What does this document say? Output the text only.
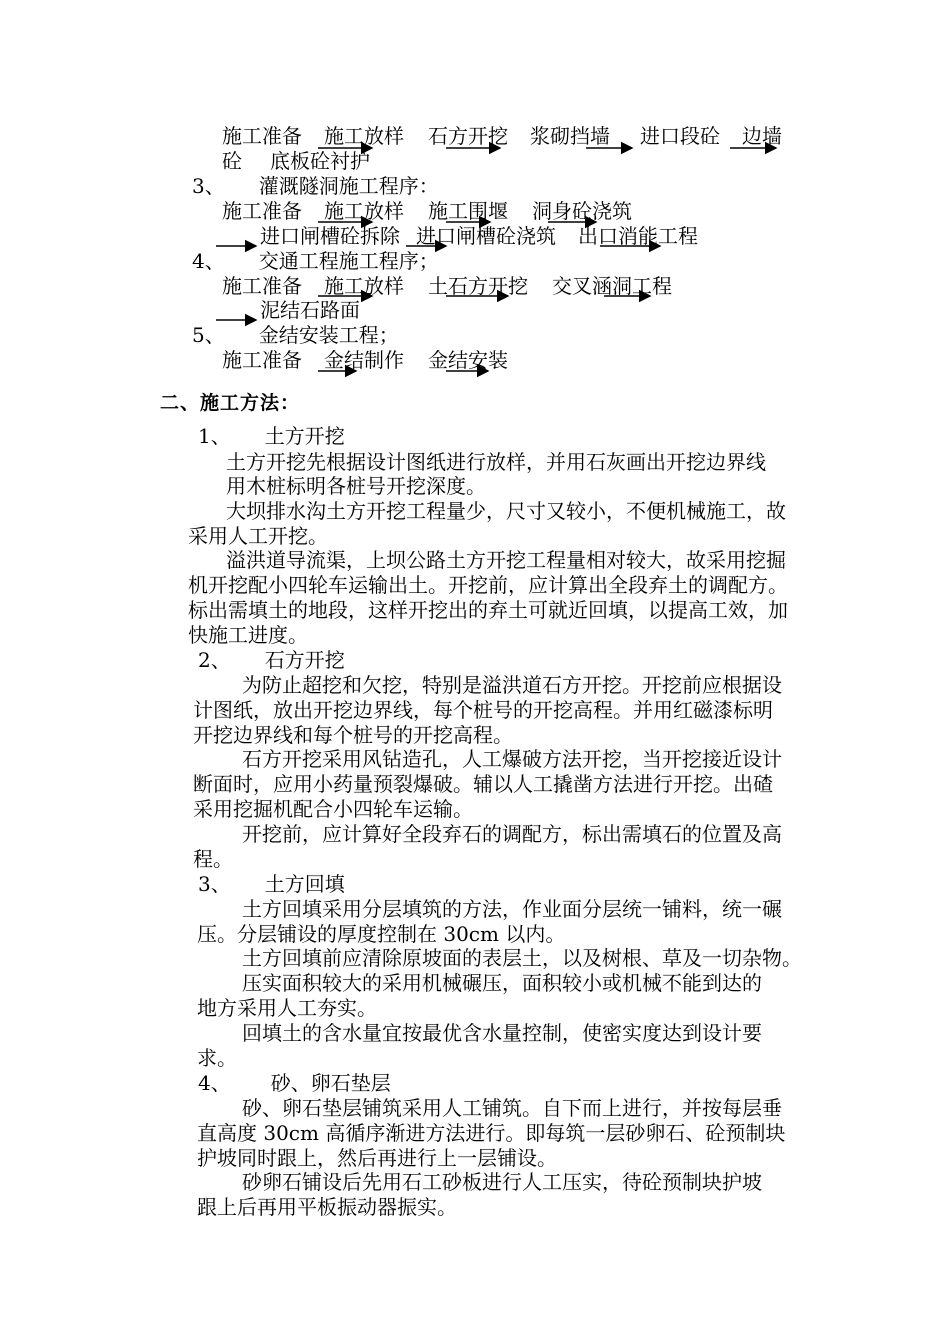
施工准备 施工放样 石方开挖 浆砌挡墙 进口段砼 边墙
砼 底板砼衬护
3、 灌溉隧洞施工程序：
施工准备 施工放样 施工围堰 洞身砼浇筑
进口闸槽砼拆除 进口闸槽砼浇筑 出口消能工程
4、 交通工程施工程序；
施工准备 施工放样 土石方开挖 交叉涵洞工程
泥结石路面
5、 金结安装工程；
施工准备 金结制作 金结安装
二、施工方法：
1、 土方开挖
土方开挖先根据设计图纸进行放样，并用石灰画出开挖边界线
用木桩标明各桩号开挖深度。
大坝排水沟土方开挖工程量少，尺寸又较小，不便机械施工，故
采用人工开挖。
溢洪道导流渠，上坝公路土方开挖工程量相对较大，故采用挖掘
机开挖配小四轮车运输出土。开挖前，应计算出全段弃土的调配方。
标出需填土的地段，这样开挖出的弃土可就近回填，以提高工效，加
快施工进度。
2、 石方开挖
为防止超挖和欠挖，特别是溢洪道石方开挖。开挖前应根据设
计图纸，放出开挖边界线，每个桩号的开挖高程。并用红磁漆标明
开挖边界线和每个桩号的开挖高程。
石方开挖采用风钻造孔，人工爆破方法开挖，当开挖接近设计
断面时，应用小药量预裂爆破。辅以人工撬凿方法进行开挖。出碴
采用挖掘机配合小四轮车运输。
开挖前，应计算好全段弃石的调配方，标出需填石的位置及高
程。
3、 土方回填
土方回填采用分层填筑的方法，作业面分层统一铺料，统一碾
压。分层铺设的厚度控制在 30cm 以内。
土方回填前应清除原坡面的表层土，以及树根、草及一切杂物。
压实面积较大的采用机械碾压，面积较小或机械不能到达的
地方采用人工夯实。
回填土的含水量宜按最优含水量控制，使密实度达到设计要
求。
4、 砂、卵石垫层
砂、卵石垫层铺筑采用人工铺筑。自下而上进行，并按每层垂
直高度 30cm 高循序渐进方法进行。即每筑一层砂卵石、砼预制块
护坡同时跟上，然后再进行上一层铺设。
砂卵石铺设后先用石工砂板进行人工压实，待砼预制块护坡
跟上后再用平板振动器振实。
